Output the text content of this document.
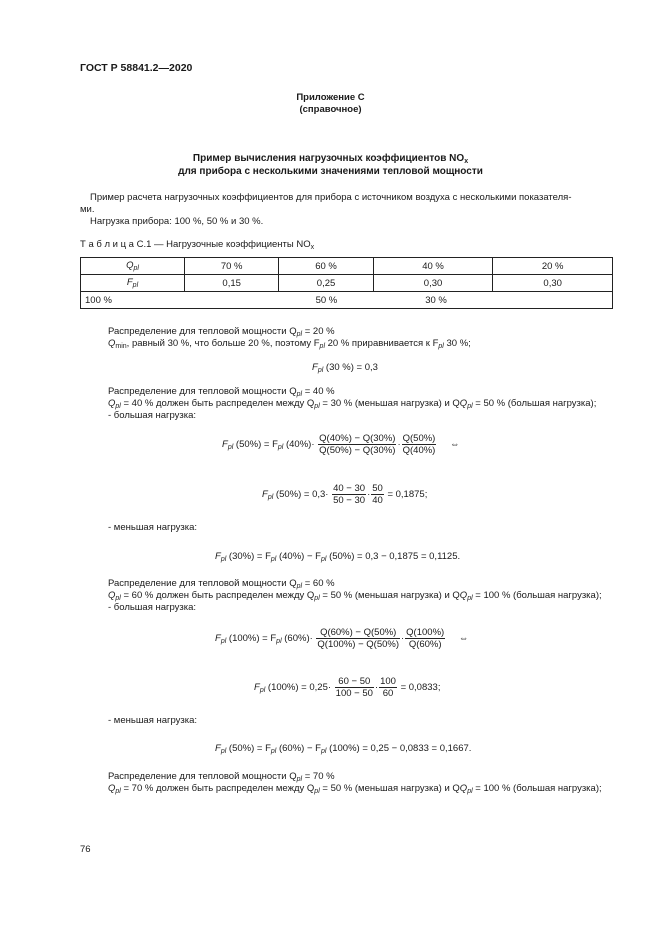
ГОСТ Р 58841.2—2020
Приложение С
(справочное)
Пример вычисления нагрузочных коэффициентов $NO_x$
для прибора с несколькими значениями тепловой мощности
Пример расчета нагрузочных коэффициентов для прибора с источником воздуха с несколькими показателя-
ми.
Нагрузка прибора: 100 %, 50 % и 30 %.
Т а б л и ц а С.1 — Нагрузочные коэффициенты $NO_x$
$Q_{pl}$	70 %	60 %	40 %	20 %
$F_{pl}$	0,15	0,25	0,30	0,30
100 %	50 %		30 %	
Распределение для тепловой мощности $Q_{pl} = 20$ %
$Q_{min}$, равный 30 %, что больше 20 %, поэтому $F_{pl}$ 20 % приравнивается к $F_{pl}$ 30 %;
$F_{pl}$ (30 %) = 0,3
Распределение для тепловой мощности $Q_{pl} = 40$ %
$Q_{pl} = 40$ % должен быть распределен между $Q_{pl} = 30$ % (меньшая нагрузка) и $QQ_{pl} = 50$ % (большая нагрузка);
- большая нагрузка:
$F_{pl}$ $(50\%) = F_{pl}$ $(40\%)\cdot \frac{Q(40\%) - Q(30\%)}{Q(50\%) - Q(30\%)} \cdot \frac{Q(50\%)}{Q(40\%)}$ ⇔
$F_{pl}$ $(50\%) = 0,3\cdot \frac{40 - 30}{50 - 30} \cdot \frac{50}{40} = 0,1875$;
- меньшая нагрузка:
$F_{pl}$ $(30\%) = F_{pl}$ $(40\%) - F_{pl}$ (50%) = 0,3 − 0,1875 = 0,1125.
Распределение для тепловой мощности $Q_{pl} = 60$ %
$Q_{pl} = 60$ % должен быть распределен между $Q_{pl} = 50$ % (меньшая нагрузка) и $QQ_{pl} = 100$ % (большая нагрузка);
- большая нагрузка:
$F_{pl}$ $(100\%) = F_{pl}$ $(60\%)\cdot \frac{Q(60\%) - Q(50\%)}{Q(100\%) - Q(50\%)} \cdot \frac{Q(100\%)}{Q(60\%)}$ ⇔
$F_{pl}$ $(100\%) = 0,25\cdot \frac{60 - 50}{100 - 50} \cdot \frac{100}{60} = 0,0833$;
- меньшая нагрузка:
$F_{pl}$ $(50\%) = F_{pl}$ $(60\%) - F_{pl}$ (100%) = 0,25 − 0,0833 = 0,1667.
Распределение для тепловой мощности $Q_{pl} = 70$ %
$Q_{pl} = 70$ % должен быть распределен между $Q_{pl} = 50$ % (меньшая нагрузка) и $QQ_{pl} = 100$ % (большая нагрузка);
76
